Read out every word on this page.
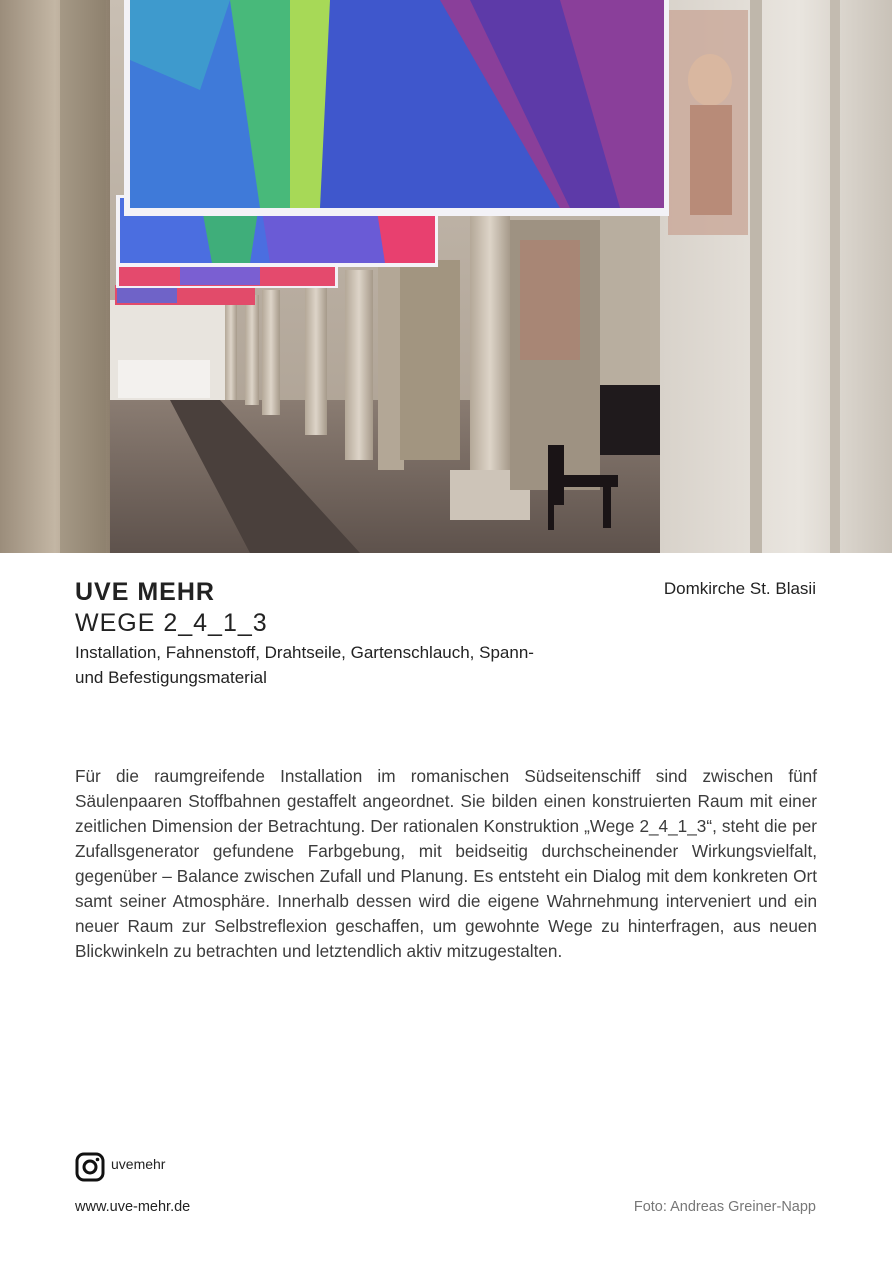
UVE MEHR
WEGE 2_4_1_3
Installation, Fahnenstoff, Drahtseile, Gartenschlauch, Spann- und Befestigungsmaterial
Domkirche St. Blasii
Für die raumgreifende Installation im romanischen Südseitenschiff sind zwischen fünf Säulenpaaren Stoffbahnen gestaffelt angeordnet. Sie bilden einen konstruierten Raum mit einer zeitlichen Dimension der Betrachtung. Der rationalen Konstruktion „Wege 2_4_1_3“, steht die per Zufallsgenerator gefundene Farbgebung, mit beidseitig durchscheinender Wirkungsvielfalt, gegenüber – Balance zwischen Zufall und Planung. Es entsteht ein Dialog mit dem konkreten Ort samt seiner Atmosphäre. Innerhalb dessen wird die eigene Wahrnehmung interveniert und ein neuer Raum zur Selbstreflexion geschaffen, um gewohnte Wege zu hinterfragen, aus neuen Blickwinkeln zu betrachten und letztendlich aktiv mitzugestalten.
uvemehr
www.uve-mehr.de	Foto: Andreas Greiner-Napp
